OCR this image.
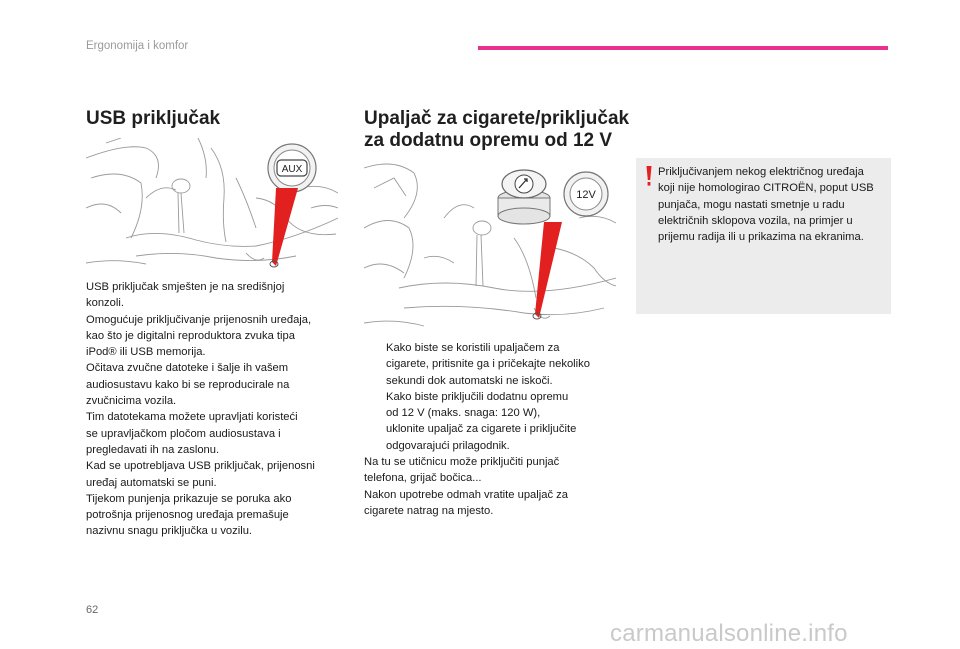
Ergonomija i komfor
USB priključak
AUX
USB priključak smješten je na središnjoj
konzoli.
Omogućuje priključivanje prijenosnih uređaja,
kao što je digitalni reproduktora zvuka tipa
iPod® ili USB memorija.
Očitava zvučne datoteke i šalje ih vašem
audiosustavu kako bi se reproducirale na
zvučnicima vozila.
Tim datotekama možete upravljati koristeći
se upravljačkom pločom audiosustava i
pregledavati ih na zaslonu.
Kad se upotrebljava USB priključak, prijenosni
uređaj automatski se puni.
Tijekom punjenja prikazuje se poruka ako
potrošnja prijenosnog uređaja premašuje
nazivnu snagu priključka u vozilu.
Upaljač za cigarete/priključak
za dodatnu opremu od 12 V
12V
Kako biste se koristili upaljačem za
cigarete, pritisnite ga i pričekajte nekoliko
sekundi dok automatski ne iskoči.
Kako biste priključili dodatnu opremu
od 12 V (maks. snaga: 120 W),
uklonite upaljač za cigarete i priključite
odgovarajući prilagodnik.
Na tu se utičnicu može priključiti punjač
telefona, grijač bočica...
Nakon upotrebe odmah vratite upaljač za
cigarete natrag na mjesto.
Priključivanjem nekog električnog uređaja
koji nije homologirao CITROËN, poput USB
punjača, mogu nastati smetnje u radu
električnih sklopova vozila, na primjer u
prijemu radija ili u prikazima na ekranima.
62
carmanualsonline.info
